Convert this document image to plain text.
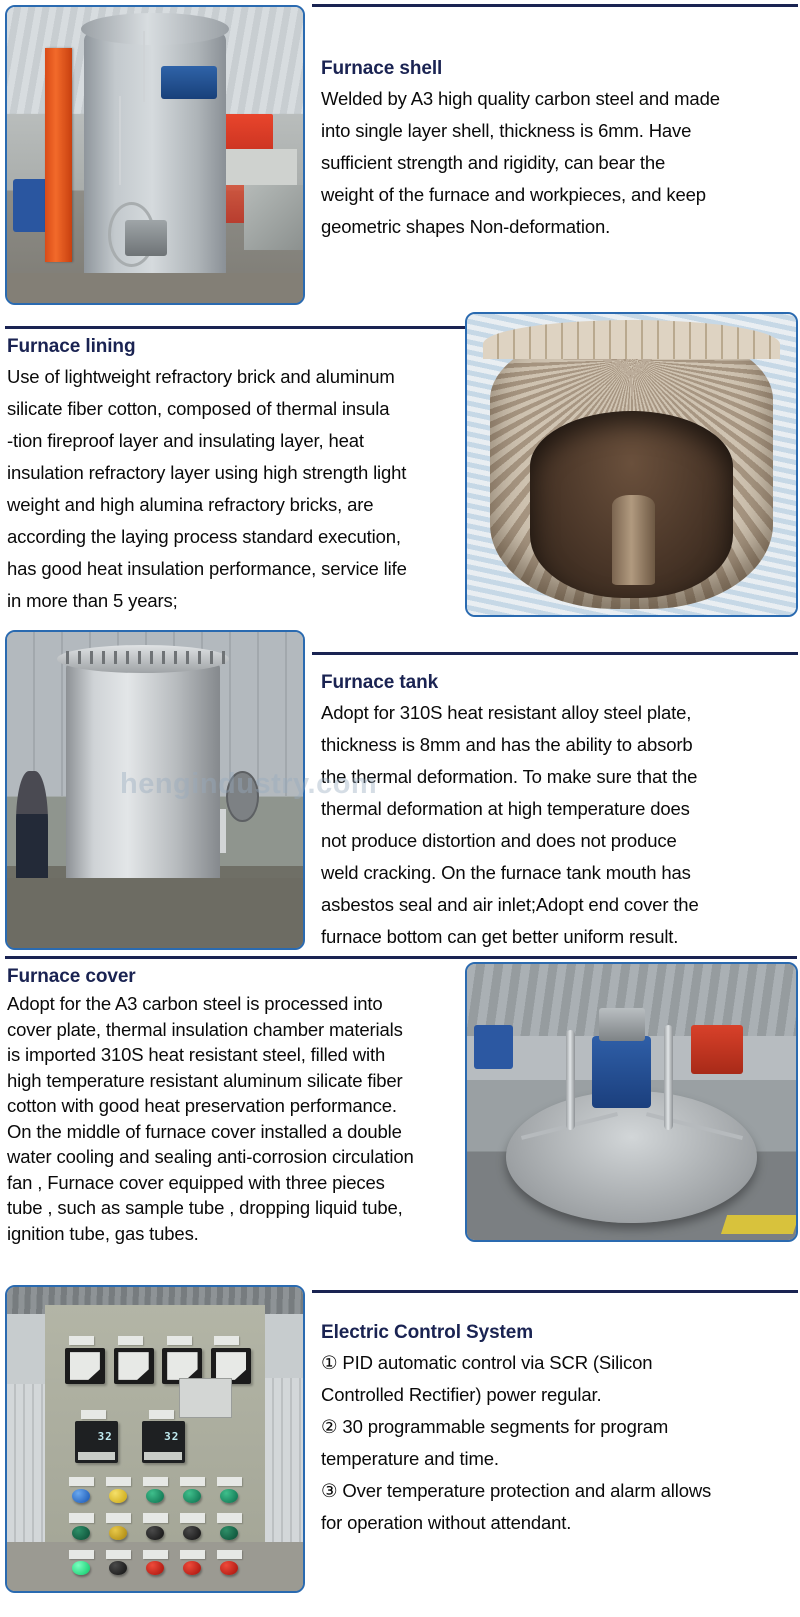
Furnace shell
Welded by A3 high quality carbon steel and made
into single layer shell, thickness is 6mm. Have
sufficient strength and rigidity, can bear the
weight of the furnace and workpieces, and keep
geometric shapes Non-deformation.
Furnace lining
Use of lightweight refractory brick and aluminum
silicate fiber cotton, composed of thermal insula
-tion fireproof layer and insulating layer, heat
insulation refractory layer using high strength light
weight and high alumina refractory bricks, are
according the laying process standard execution,
has good heat insulation performance, service life
in more than 5 years;
Furnace tank
Adopt for 310S heat resistant alloy steel plate,
thickness is 8mm and has the ability to absorb
the thermal deformation. To make sure that the
thermal deformation at high temperature does
not produce distortion and does not produce
weld cracking. On the furnace tank mouth has
asbestos seal and air inlet;Adopt end cover the
furnace bottom can get better uniform result.
hengindustry.com
Furnace cover
Adopt for the A3 carbon steel is processed into
cover plate, thermal insulation chamber materials
is imported 310S heat resistant steel, filled with
high temperature resistant aluminum silicate fiber
cotton with good heat preservation performance.
On the middle of furnace cover installed a double
water cooling and sealing anti-corrosion circulation
fan , Furnace cover equipped with three pieces
tube , such as sample tube , dropping liquid tube,
ignition tube, gas tubes.
32	32
Electric Control System
① PID automatic control via SCR (Silicon
Controlled Rectifier) power regular.
② 30 programmable segments for program
temperature and time.
③ Over temperature protection and alarm allows
for operation without attendant.
